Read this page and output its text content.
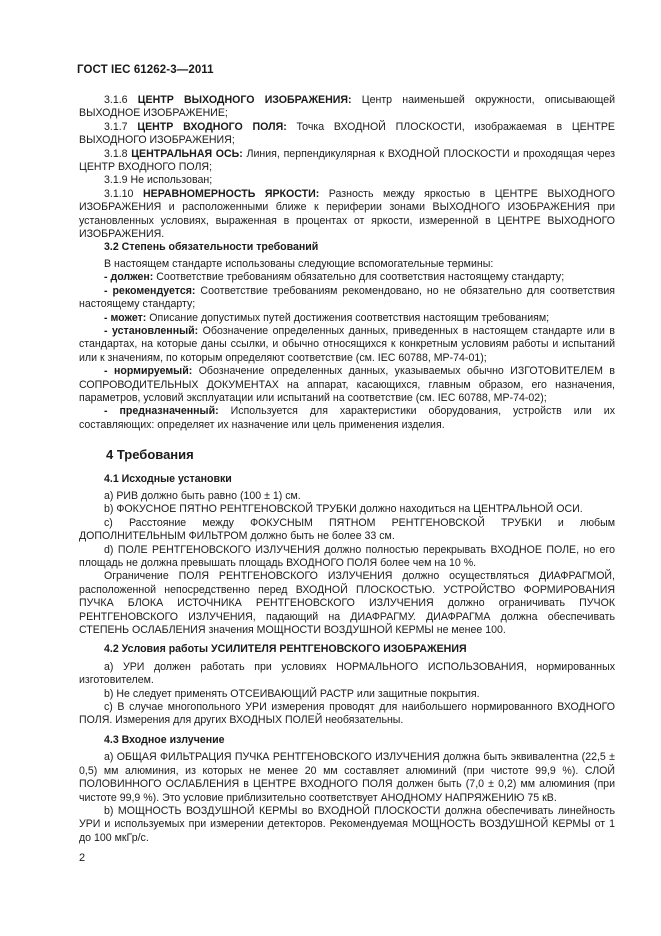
ГОСТ IEC 61262-3—2011

3.1.6 ЦЕНТР ВЫХОДНОГО ИЗОБРАЖЕНИЯ: Центр наименьшей окружности, описывающей ВЫХОДНОЕ ИЗОБРАЖЕНИЕ;

3.1.7 ЦЕНТР ВХОДНОГО ПОЛЯ: Точка ВХОДНОЙ ПЛОСКОСТИ, изображаемая в ЦЕНТРЕ ВЫХОДНОГО ИЗОБРАЖЕНИЯ;

3.1.8 ЦЕНТРАЛЬНАЯ ОСЬ: Линия, перпендикулярная к ВХОДНОЙ ПЛОСКОСТИ и проходящая через ЦЕНТР ВХОДНОГО ПОЛЯ;

3.1.9 Не использован;

3.1.10 НЕРАВНОМЕРНОСТЬ ЯРКОСТИ: Разность между яркостью в ЦЕНТРЕ ВЫХОДНОГО ИЗОБРАЖЕНИЯ и расположенными ближе к периферии зонами ВЫХОДНОГО ИЗОБРАЖЕНИЯ при установленных условиях, выраженная в процентах от яркости, измеренной в ЦЕНТРЕ ВЫХОДНОГО ИЗОБРАЖЕНИЯ.

3.2 Степень обязательности требований

В настоящем стандарте использованы следующие вспомогательные термины:

- должен: Соответствие требованиям обязательно для соответствия настоящему стандарту;

- рекомендуется: Соответствие требованиям рекомендовано, но не обязательно для соответствия настоящему стандарту;

- может: Описание допустимых путей достижения соответствия настоящим требованиям;

- установленный: Обозначение определенных данных, приведенных в настоящем стандарте или в стандартах, на которые даны ссылки, и обычно относящихся к конкретным условиям работы и испытаний или к значениям, по которым определяют соответствие (см. IEC 60788, МР-74-01);

- нормируемый: Обозначение определенных данных, указываемых обычно ИЗГОТОВИТЕЛЕМ в СОПРОВОДИТЕЛЬНЫХ ДОКУМЕНТАХ на аппарат, касающихся, главным образом, его назначения, параметров, условий эксплуатации или испытаний на соответствие (см. IEC 60788, МР-74-02);

- предназначенный: Используется для характеристики оборудования, устройств или их составляющих: определяет их назначение или цель применения изделия.

4 Требования

4.1 Исходные установки

a) РИВ должно быть равно (100 ± 1) см.

b) ФОКУСНОЕ ПЯТНО РЕНТГЕНОВСКОЙ ТРУБКИ должно находиться на ЦЕНТРАЛЬНОЙ ОСИ.

c) Расстояние между ФОКУСНЫМ ПЯТНОМ РЕНТГЕНОВСКОЙ ТРУБКИ и любым ДОПОЛНИТЕЛЬНЫМ ФИЛЬТРОМ должно быть не более 33 см.

d) ПОЛЕ РЕНТГЕНОВСКОГО ИЗЛУЧЕНИЯ должно полностью перекрывать ВХОДНОЕ ПОЛЕ, но его площадь не должна превышать площадь ВХОДНОГО ПОЛЯ более чем на 10 %.

Ограничение ПОЛЯ РЕНТГЕНОВСКОГО ИЗЛУЧЕНИЯ должно осуществляться ДИАФРАГМОЙ, расположенной непосредственно перед ВХОДНОЙ ПЛОСКОСТЬЮ. УСТРОЙСТВО ФОРМИРОВАНИЯ ПУЧКА БЛОКА ИСТОЧНИКА РЕНТГЕНОВСКОГО ИЗЛУЧЕНИЯ должно ограничивать ПУЧОК РЕНТГЕНОВСКОГО ИЗЛУЧЕНИЯ, падающий на ДИАФРАГМУ. ДИАФРАГМА должна обеспечивать СТЕПЕНЬ ОСЛАБЛЕНИЯ значения МОЩНОСТИ ВОЗДУШНОЙ КЕРМЫ не менее 100.

4.2 Условия работы УСИЛИТЕЛЯ РЕНТГЕНОВСКОГО ИЗОБРАЖЕНИЯ

a) УРИ должен работать при условиях НОРМАЛЬНОГО ИСПОЛЬЗОВАНИЯ, нормированных изготовителем.

b) Не следует применять ОТСЕИВАЮЩИЙ РАСТР или защитные покрытия.

c) В случае многопольного УРИ измерения проводят для наибольшего нормированного ВХОДНОГО ПОЛЯ. Измерения для других ВХОДНЫХ ПОЛЕЙ необязательны.

4.3 Входное излучение

a) ОБЩАЯ ФИЛЬТРАЦИЯ ПУЧКА РЕНТГЕНОВСКОГО ИЗЛУЧЕНИЯ должна быть эквивалентна (22,5 ± 0,5) мм алюминия, из которых не менее 20 мм составляет алюминий (при чистоте 99,9 %). СЛОЙ ПОЛОВИННОГО ОСЛАБЛЕНИЯ в ЦЕНТРЕ ВХОДНОГО ПОЛЯ должен быть (7,0 ± 0,2) мм алюминия (при чистоте 99,9 %). Это условие приблизительно соответствует АНОДНОМУ НАПРЯЖЕНИЮ 75 кВ.

b) МОЩНОСТЬ ВОЗДУШНОЙ КЕРМЫ во ВХОДНОЙ ПЛОСКОСТИ должна обеспечивать линейность УРИ и используемых при измерении детекторов. Рекомендуемая МОЩНОСТЬ ВОЗДУШНОЙ КЕРМЫ от 1 до 100 мкГр/с.

2
